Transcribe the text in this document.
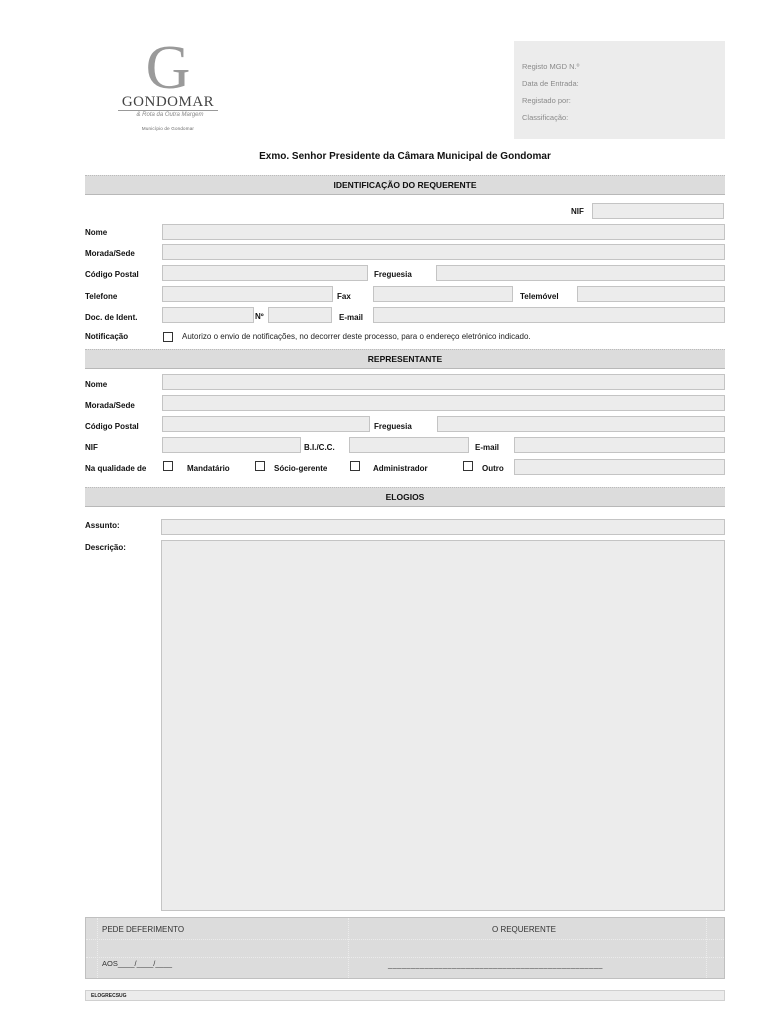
G
GONDOMAR
& Rota da Outra Margem
Município de Gondomar
Registo MGD N.º
Data de Entrada:
Registado por:
Classificação:
Exmo. Senhor Presidente da Câmara Municipal de Gondomar
IDENTIFICAÇÃO DO REQUERENTE
NIF
Nome
Morada/Sede
Código Postal	Freguesia
Telefone	Fax	Telemóvel
Doc. de Ident.	Nº	E-mail
Notificação	Autorizo o envio de notificações, no decorrer deste processo, para o endereço eletrónico indicado.
REPRESENTANTE
Nome
Morada/Sede
Código Postal	Freguesia
NIF	B.I./C.C.	E-mail
Na qualidade de	Mandatário	Sócio-gerente	Administrador	Outro
ELOGIOS
Assunto:
Descrição:
PEDE DEFERIMENTO	O REQUERENTE
AOS____/____/____	_______________________________________________
ELOGRECSUG
